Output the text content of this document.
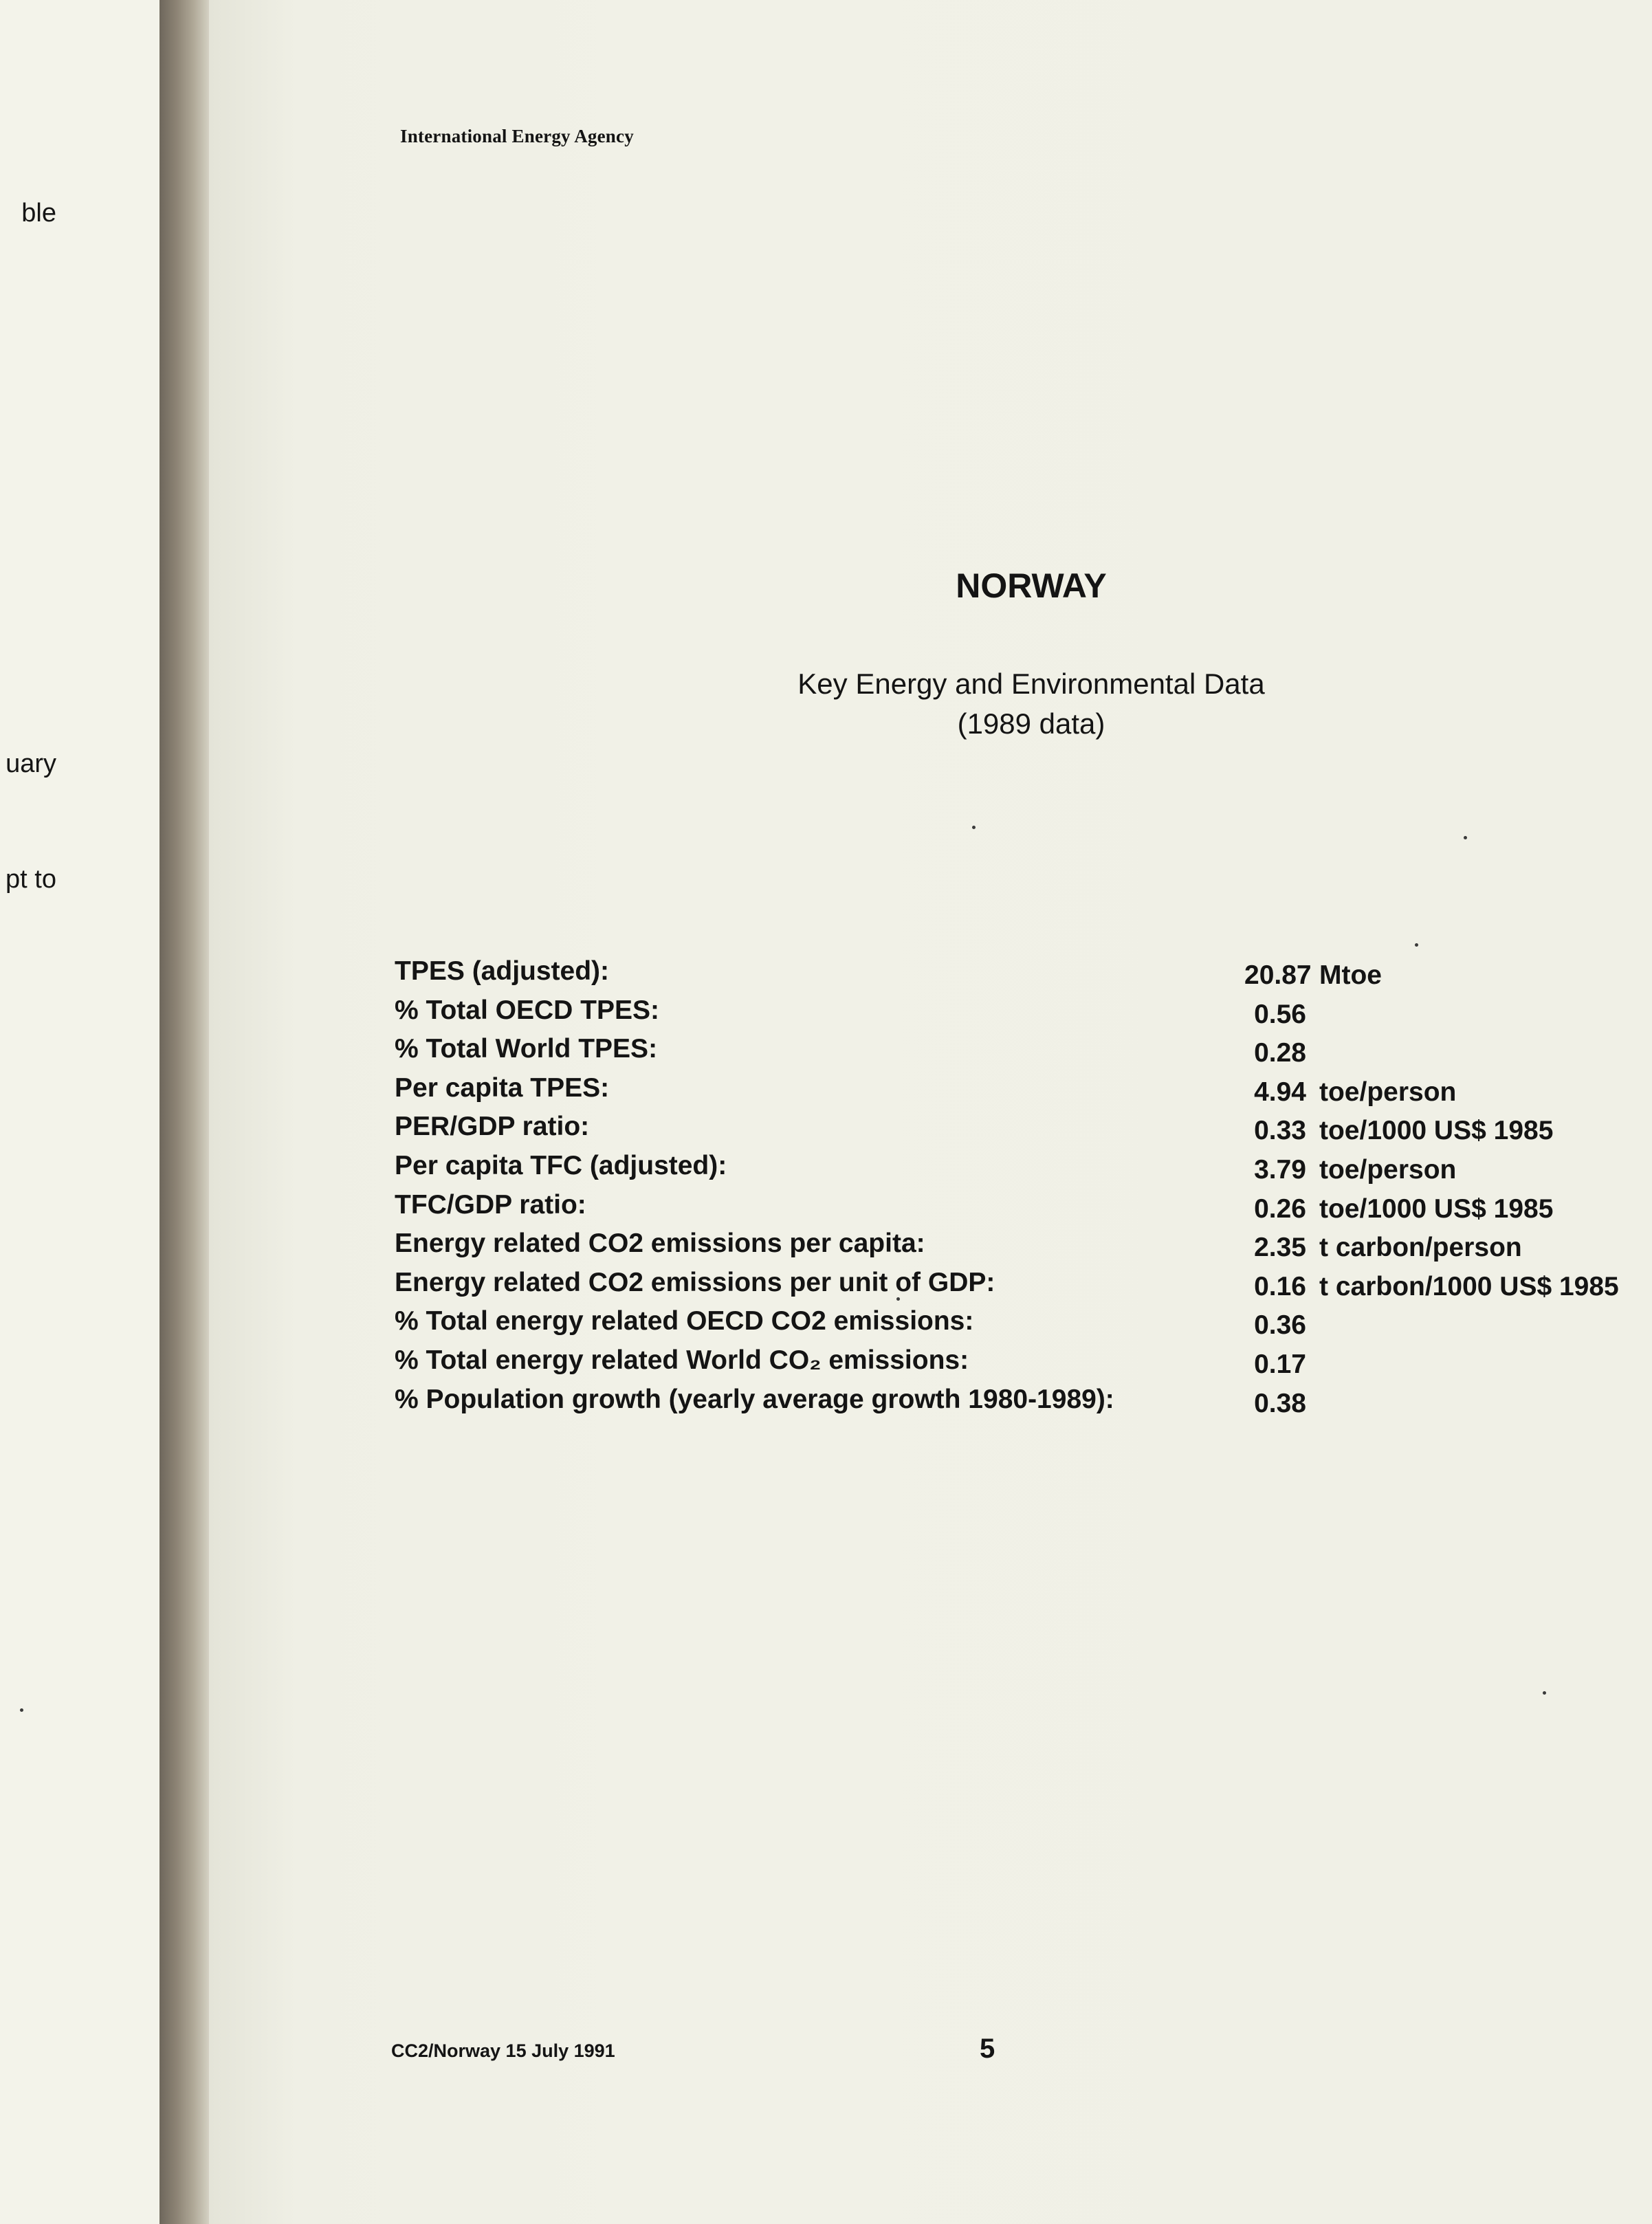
ble
uary
pt to
International Energy Agency
NORWAY
Key Energy and Environmental Data
(1989 data)
TPES (adjusted):	20.87 Mtoe
% Total OECD TPES:	0.56
% Total World TPES:	0.28
Per capita TPES:	4.94 toe/person
PER/GDP ratio:	0.33 toe/1000 US$ 1985
Per capita TFC (adjusted):	3.79 toe/person
TFC/GDP ratio:	0.26 toe/1000 US$ 1985
Energy related CO2 emissions per capita:	2.35 t carbon/person
Energy related CO2 emissions per unit of GDP:	0.16 t carbon/1000 US$ 1985
% Total energy related OECD CO2 emissions:	0.36
% Total energy related World CO₂ emissions:	0.17
% Population growth (yearly average growth 1980-1989):	0.38
CC2/Norway 15 July 1991	5
